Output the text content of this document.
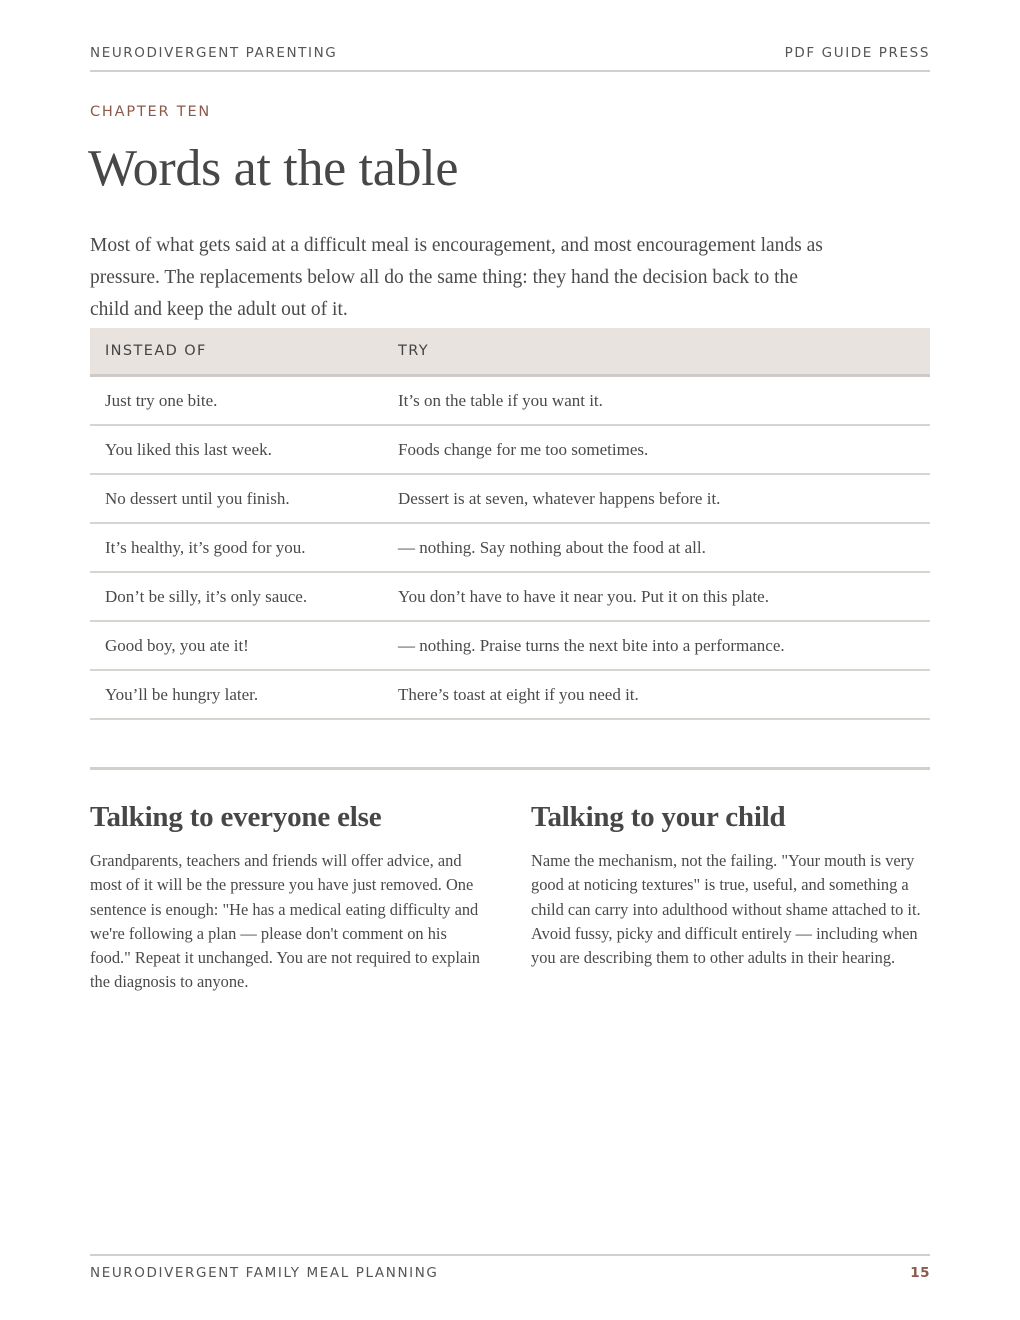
NEURODIVERGENT PARENTING	PDF GUIDE PRESS
CHAPTER TEN
Words at the table

Most of what gets said at a difficult meal is encouragement, and most encouragement lands as pressure. The replacements below all do the same thing: they hand the decision back to the child and keep the adult out of it.

INSTEAD OF	TRY
Just try one bite.	It’s on the table if you want it.
You liked this last week.	Foods change for me too sometimes.
No dessert until you finish.	Dessert is at seven, whatever happens before it.
It’s healthy, it’s good for you.	— nothing. Say nothing about the food at all.
Don’t be silly, it’s only sauce.	You don’t have to have it near you. Put it on this plate.
Good boy, you ate it!	— nothing. Praise turns the next bite into a performance.
You’ll be hungry later.	There’s toast at eight if you need it.
Talking to everyone else

Grandparents, teachers and friends will offer advice, and most of it will be the pressure you have just removed. One sentence is enough: "He has a medical eating difficulty and we're following a plan — please don't comment on his food." Repeat it unchanged. You are not required to explain the diagnosis to anyone.

Talking to your child

Name the mechanism, not the failing. "Your mouth is very good at noticing textures" is true, useful, and something a child can carry into adulthood without shame attached to it. Avoid fussy, picky and difficult entirely — including when you are describing them to other adults in their hearing.

NEURODIVERGENT FAMILY MEAL PLANNING	15
